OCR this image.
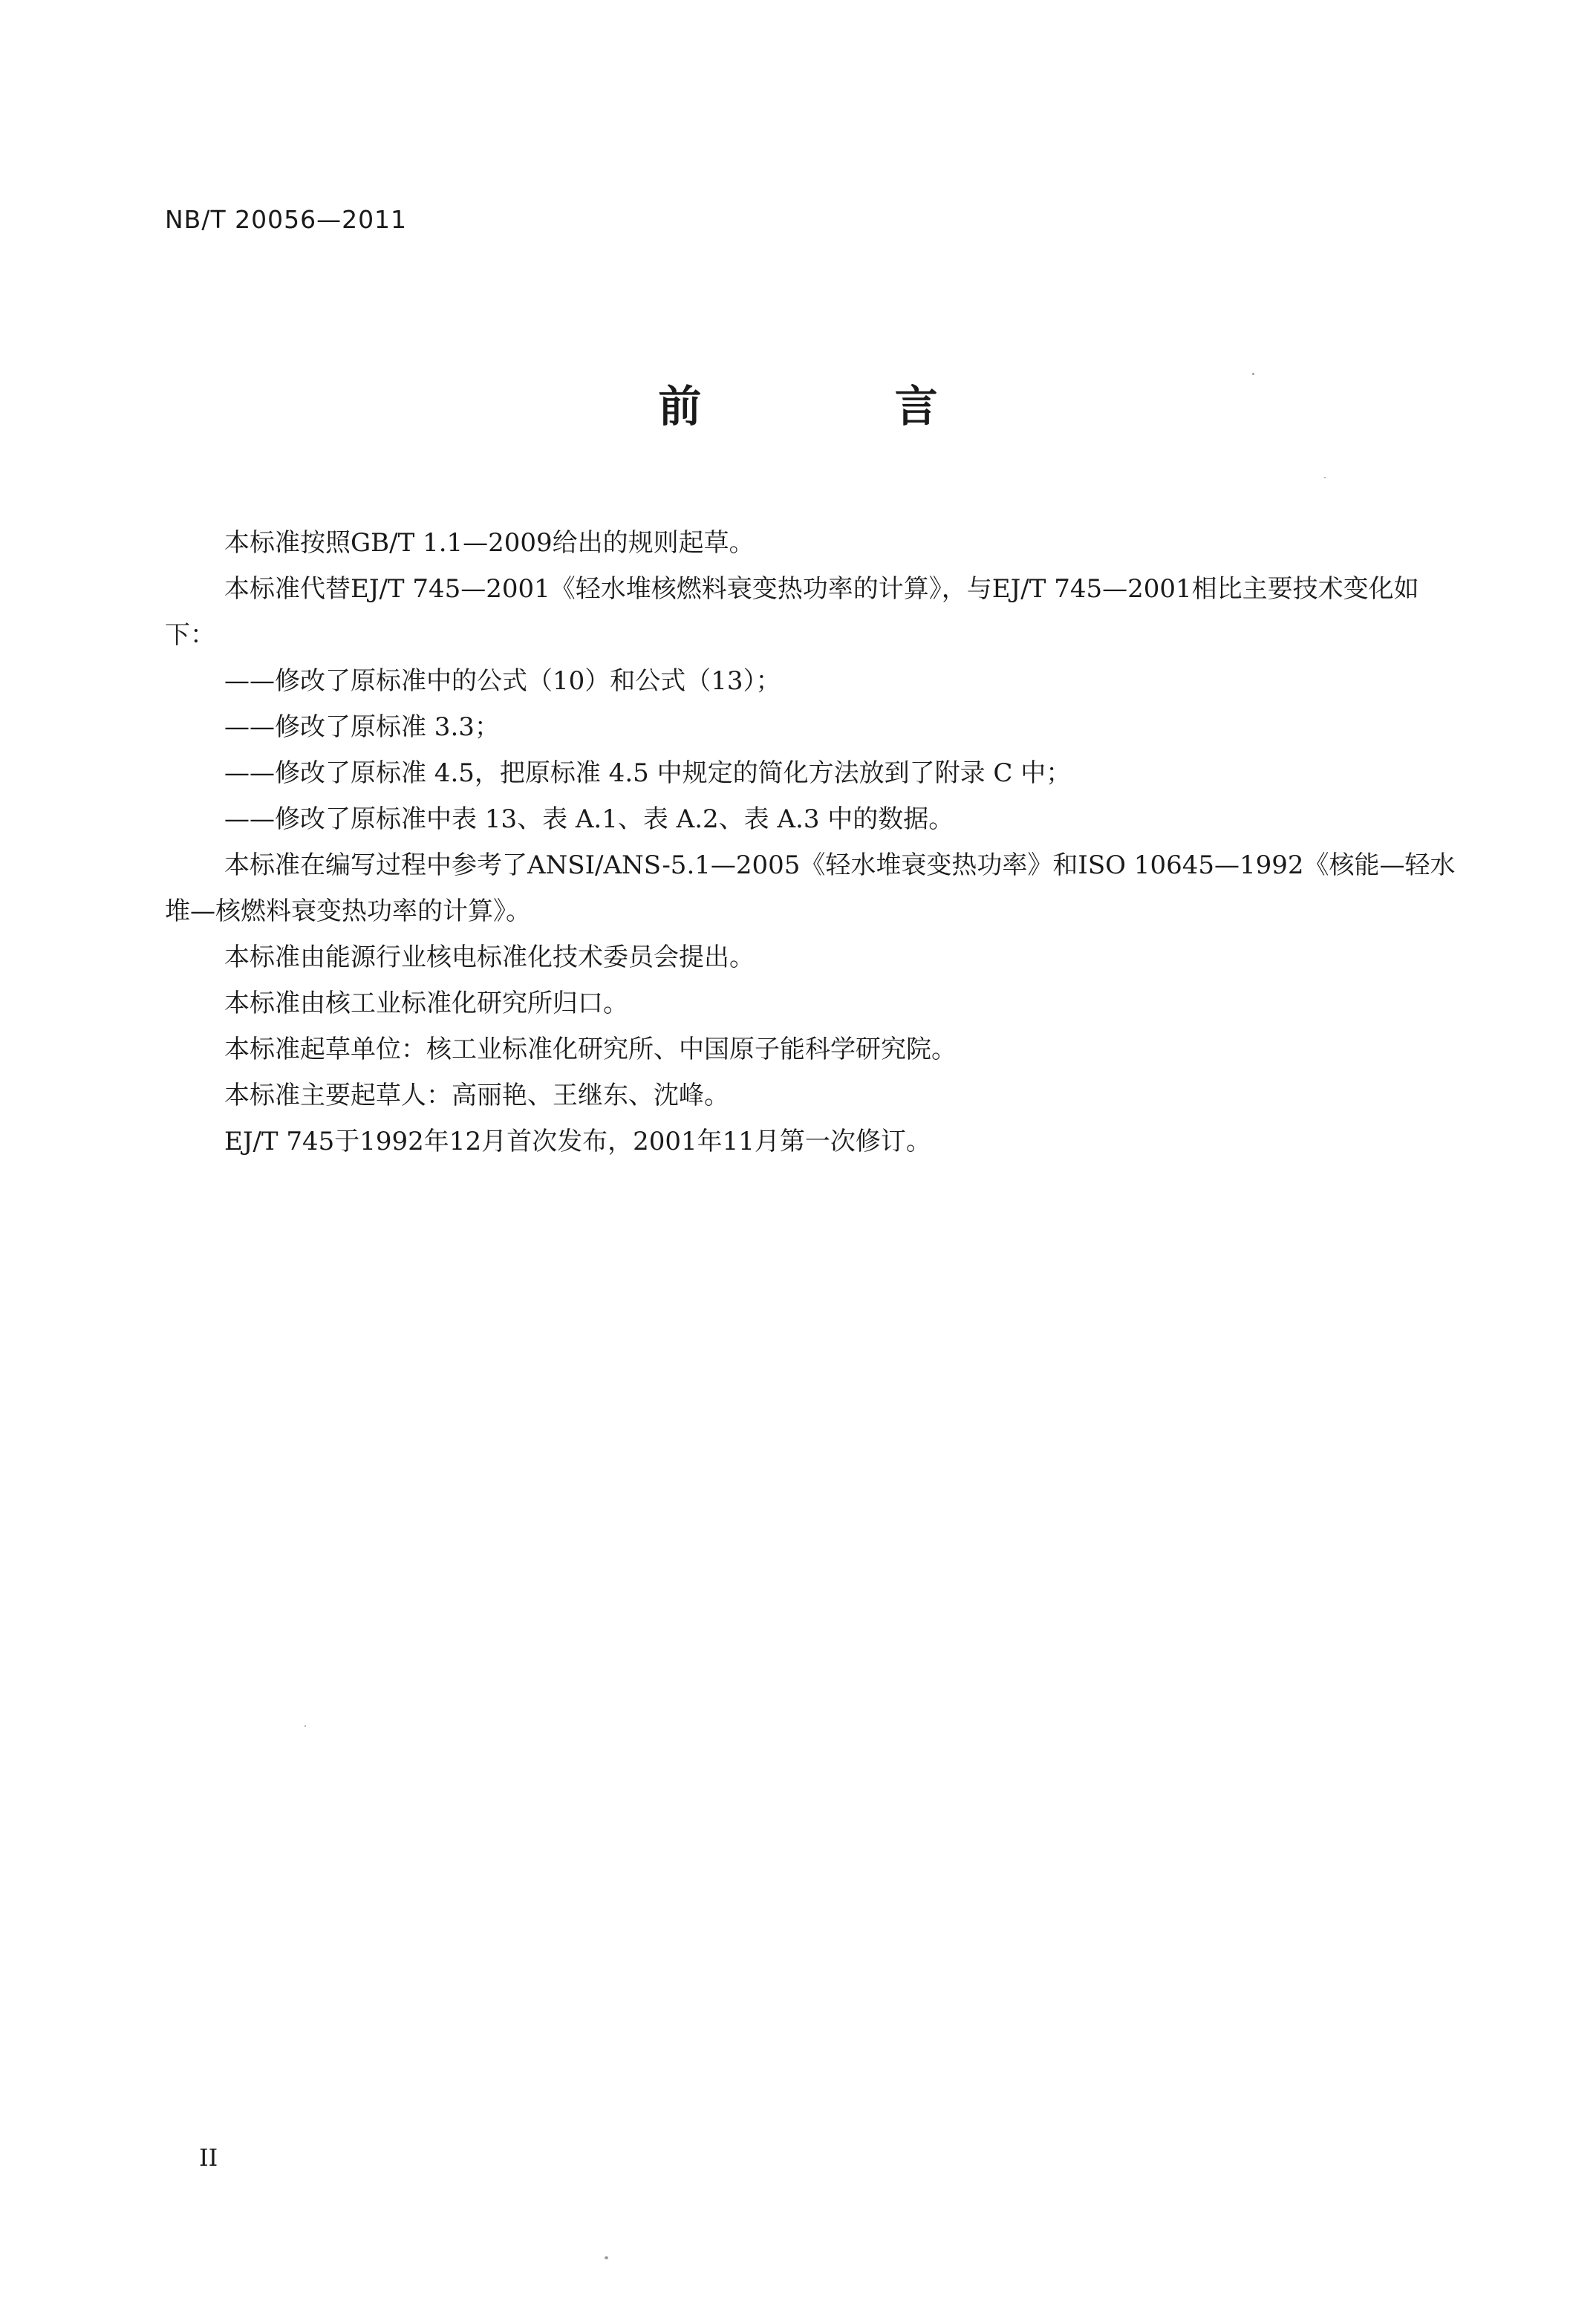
NB/T 20056—2011
前 言

本标准按照GB/T 1.1—2009给出的规则起草。

本标准代替EJ/T 745—2001《轻水堆核燃料衰变热功率的计算》，与EJ/T 745—2001相比主要技术变化如下：

——修改了原标准中的公式（10）和公式（13）；

——修改了原标准 3.3；

——修改了原标准 4.5，把原标准 4.5 中规定的简化方法放到了附录 C 中；

——修改了原标准中表 13、表 A.1、表 A.2、表 A.3 中的数据。

本标准在编写过程中参考了ANSI/ANS-5.1—2005《轻水堆衰变热功率》和ISO 10645—1992《核能—轻水堆—核燃料衰变热功率的计算》。

本标准由能源行业核电标准化技术委员会提出。

本标准由核工业标准化研究所归口。

本标准起草单位：核工业标准化研究所、中国原子能科学研究院。

本标准主要起草人：高丽艳、王继东、沈峰。

EJ/T 745于1992年12月首次发布，2001年11月第一次修订。

II
